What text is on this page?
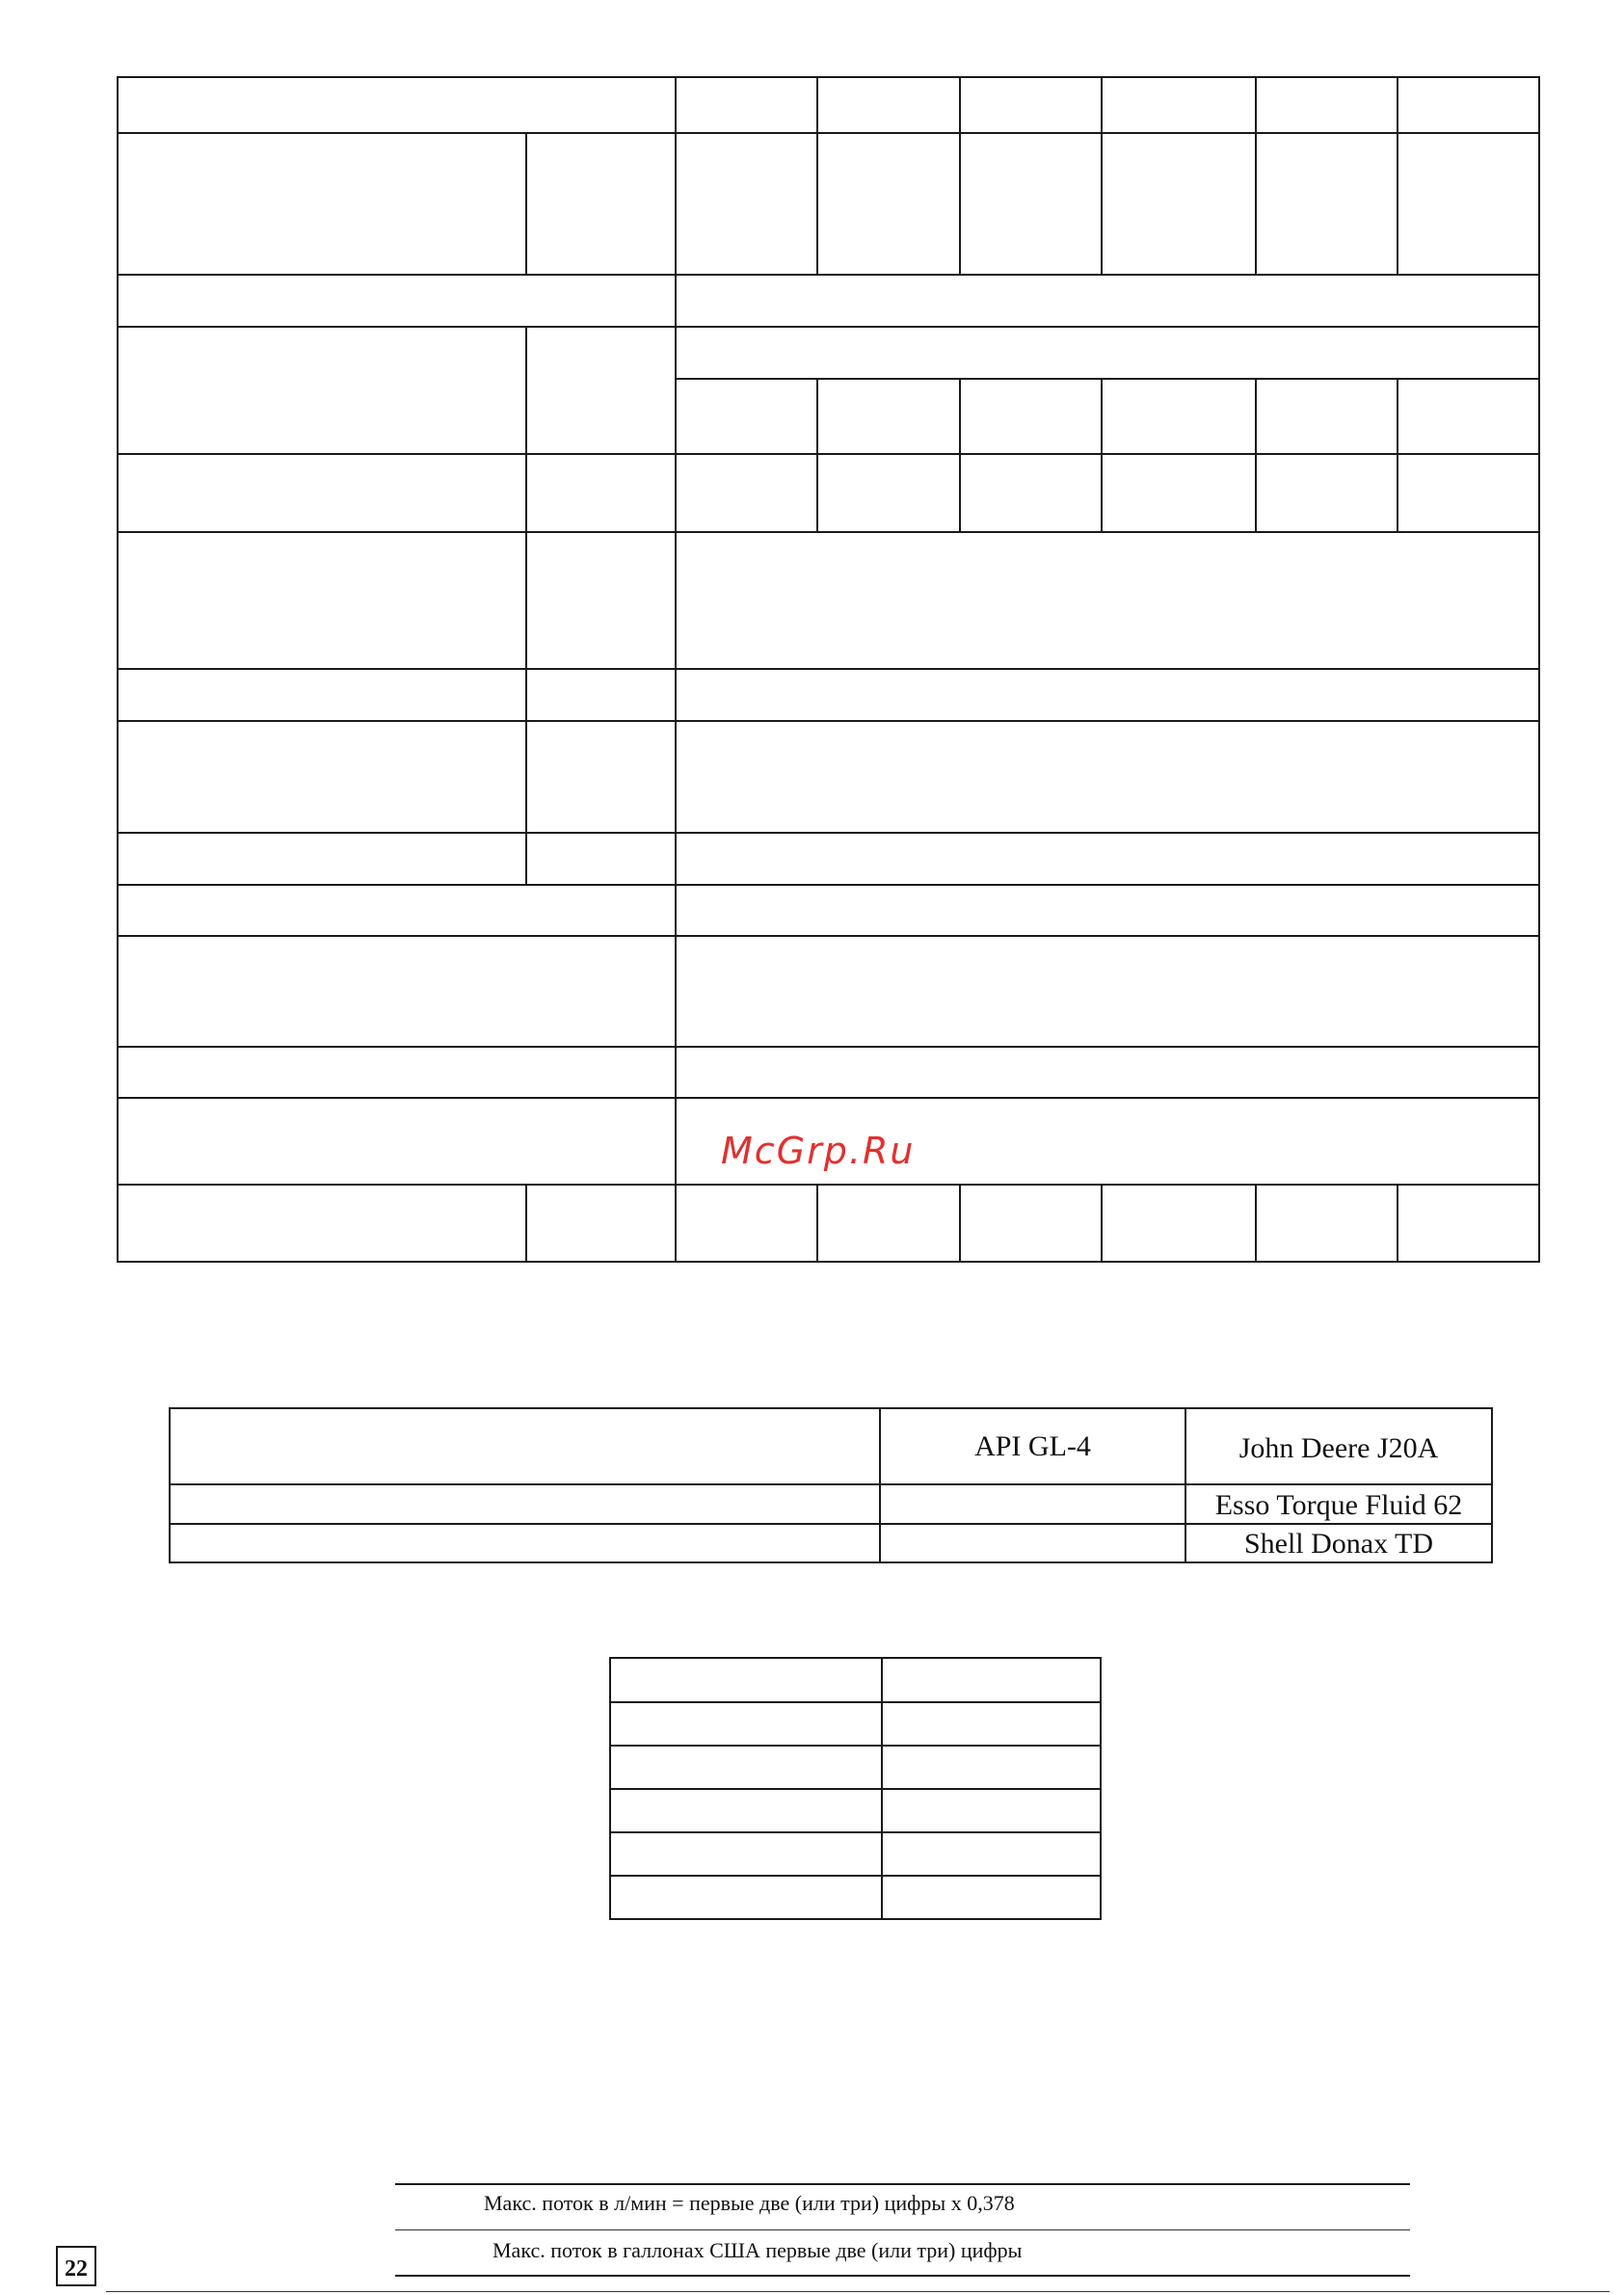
McGrp.Ru
API GL-4	John Deere J20A
Esso Torque Fluid 62
Shell Donax TD
Макс. поток в л/мин = первые две (или три) цифры х 0,378
Макс. поток в галлонах США первые две (или три) цифры
22
